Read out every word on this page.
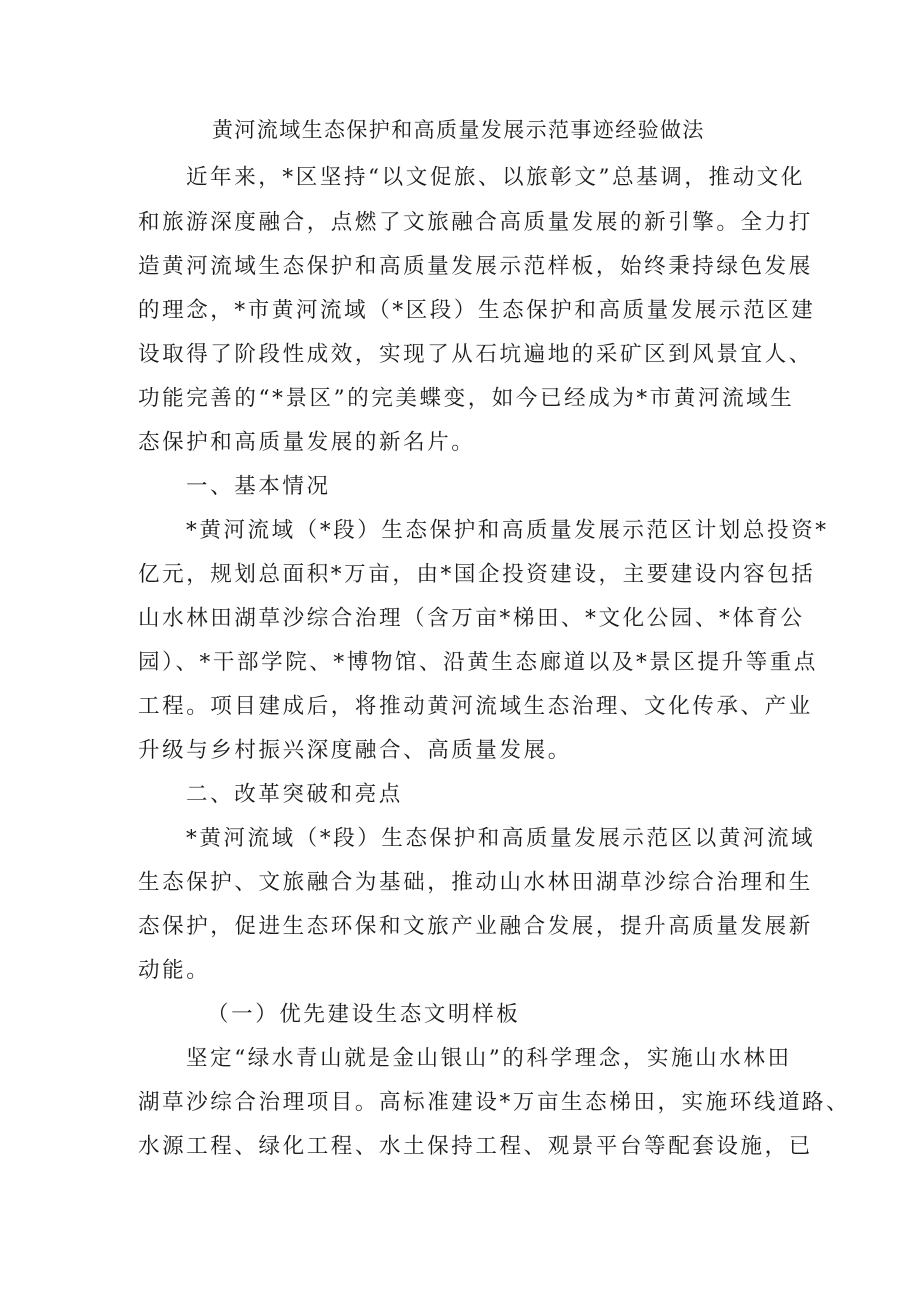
黄河流域生态保护和高质量发展示范事迹经验做法
近年来，*区坚持“以文促旅、以旅彰文”总基调，推动文化
和旅游深度融合，点燃了文旅融合高质量发展的新引擎。全力打
造黄河流域生态保护和高质量发展示范样板，始终秉持绿色发展
的理念，*市黄河流域（*区段）生态保护和高质量发展示范区建
设取得了阶段性成效，实现了从石坑遍地的采矿区到风景宜人、
功能完善的“*景区”的完美蝶变，如今已经成为*市黄河流域生
态保护和高质量发展的新名片。
一、基本情况
*黄河流域（*段）生态保护和高质量发展示范区计划总投资*
亿元，规划总面积*万亩，由*国企投资建设，主要建设内容包括
山水林田湖草沙综合治理（含万亩*梯田、*文化公园、*体育公
园）、*干部学院、*博物馆、沿黄生态廊道以及*景区提升等重点
工程。项目建成后，将推动黄河流域生态治理、文化传承、产业
升级与乡村振兴深度融合、高质量发展。
二、改革突破和亮点
*黄河流域（*段）生态保护和高质量发展示范区以黄河流域
生态保护、文旅融合为基础，推动山水林田湖草沙综合治理和生
态保护，促进生态环保和文旅产业融合发展，提升高质量发展新
动能。
（一）优先建设生态文明样板
坚定“绿水青山就是金山银山”的科学理念，实施山水林田
湖草沙综合治理项目。高标准建设*万亩生态梯田，实施环线道路、
水源工程、绿化工程、水土保持工程、观景平台等配套设施，已
